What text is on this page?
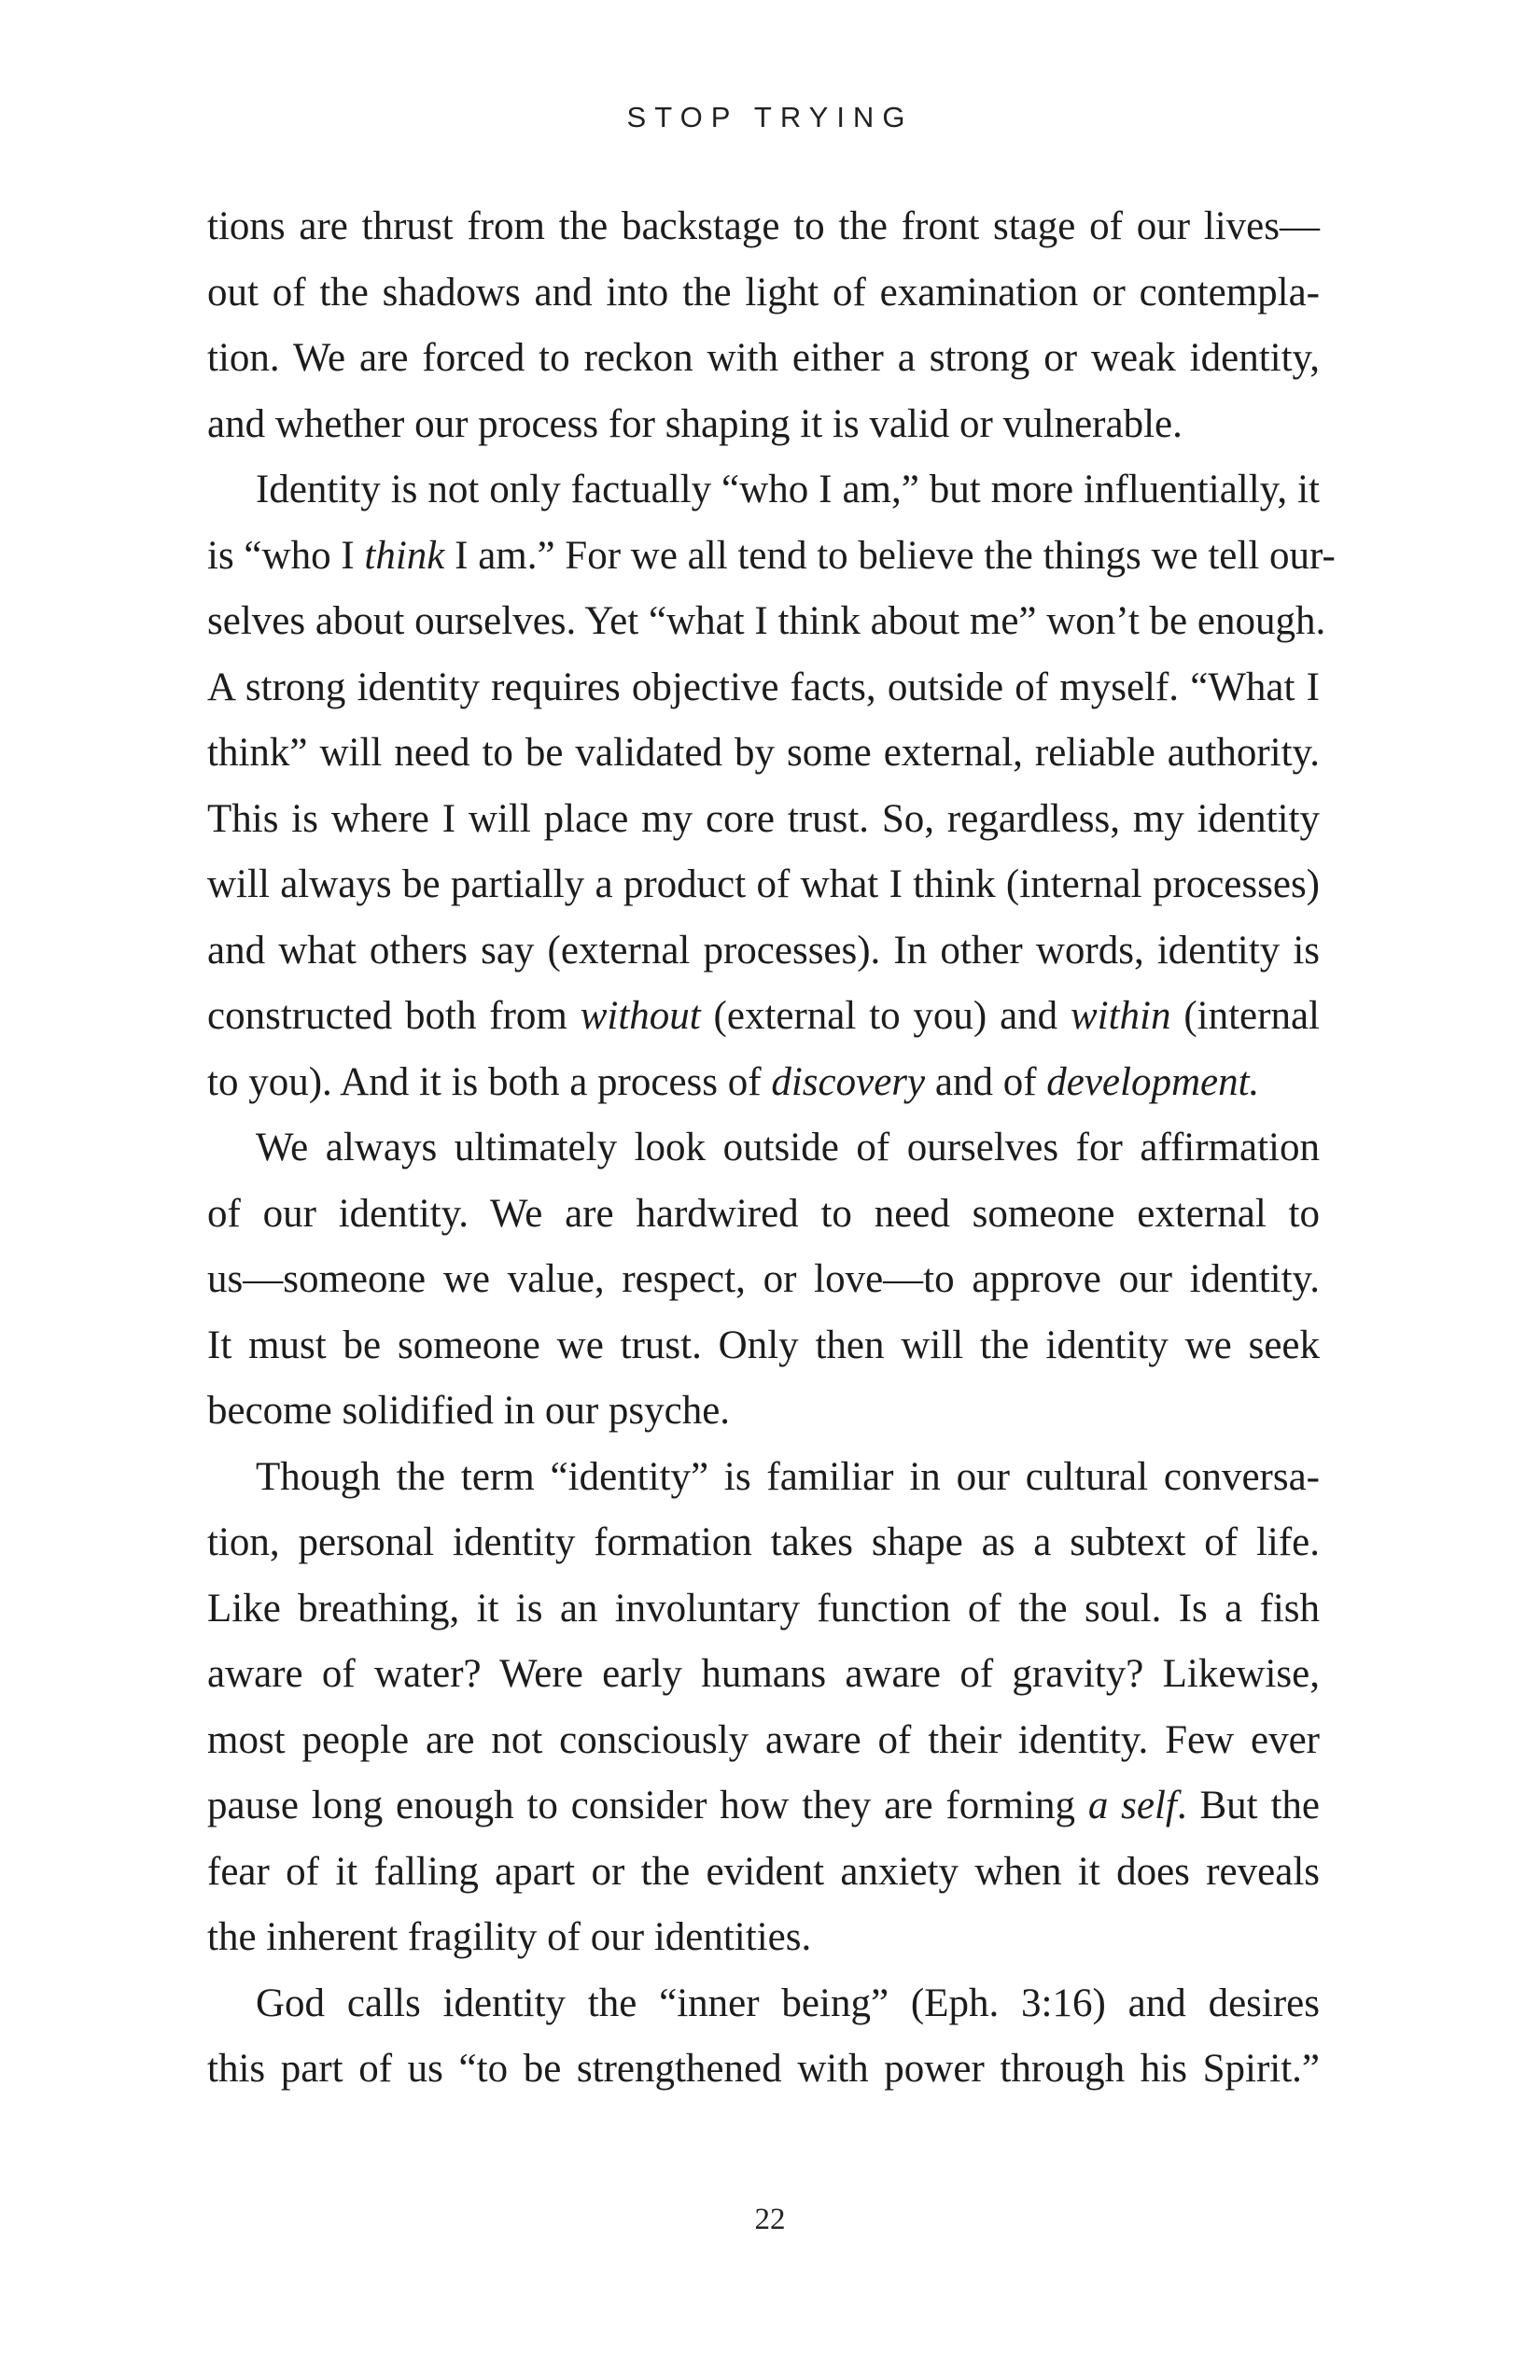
STOP TRYING
tions are thrust from the backstage to the front stage of our lives—
out of the shadows and into the light of examination or contempla-
tion. We are forced to reckon with either a strong or weak identity,
and whether our process for shaping it is valid or vulnerable.
Identity is not only factually “who I am,” but more influentially, it
is “who I think I am.” For we all tend to believe the things we tell our-
selves about ourselves. Yet “what I think about me” won’t be enough.
A strong identity requires objective facts, outside of myself. “What I
think” will need to be validated by some external, reliable authority.
This is where I will place my core trust. So, regardless, my identity
will always be partially a product of what I think (internal processes)
and what others say (external processes). In other words, identity is
constructed both from without (external to you) and within (internal
to you). And it is both a process of discovery and of development.
We always ultimately look outside of ourselves for affirmation
of our identity. We are hardwired to need someone external to
us—someone we value, respect, or love—to approve our identity.
It must be someone we trust. Only then will the identity we seek
become solidified in our psyche.
Though the term “identity” is familiar in our cultural conversa-
tion, personal identity formation takes shape as a subtext of life.
Like breathing, it is an involuntary function of the soul. Is a fish
aware of water? Were early humans aware of gravity? Likewise,
most people are not consciously aware of their identity. Few ever
pause long enough to consider how they are forming a self. But the
fear of it falling apart or the evident anxiety when it does reveals
the inherent fragility of our identities.
God calls identity the “inner being” (Eph. 3:16) and desires
this part of us “to be strengthened with power through his Spirit.”
22
